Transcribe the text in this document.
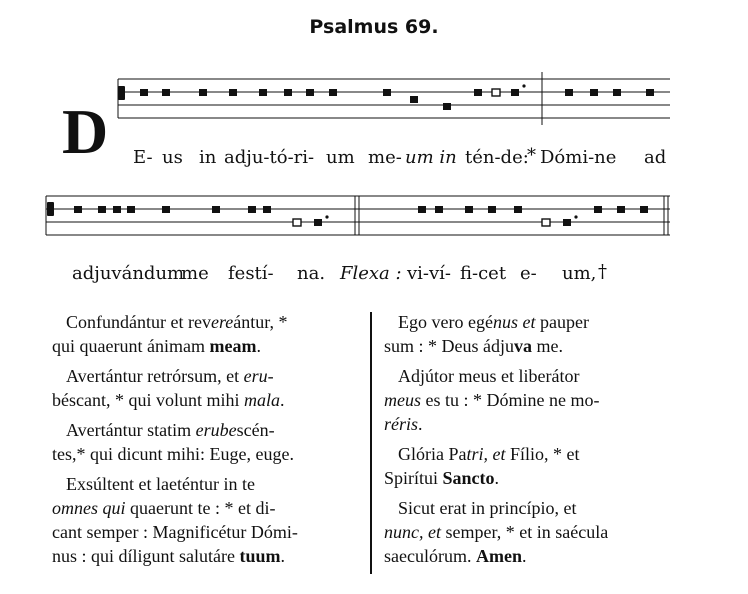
Psalmus 69.
D E- us in adju-tó-ri- um me- um in tén-de:
* Dómi-ne ad
adjuvándum
me festí- na. Flexa : vi-ví- fi-cet e- um, †

Confundántur et revereántur, *
qui quaerunt ánimam meam.

Avertántur retrórsum, et eru-
béscant, * qui volunt mihi mala.

Avertántur statim erubescén-
tes,* qui dicunt mihi: Euge, euge.

Exsúltent et laeténtur in te
omnes qui quaerunt te : * et di-
cant semper : Magnificétur Dómi-
nus : qui díligunt salutáre tuum.

Ego vero egénus et pauper
sum : * Deus ádjuva me.

Adjútor meus et liberátor
meus es tu : * Dómine ne mo-
réris.

Glória Patri, et Fílio, * et
Spirítui Sancto.

Sicut erat in princípio, et
nunc, et semper, * et in saécula
saeculórum. Amen.
